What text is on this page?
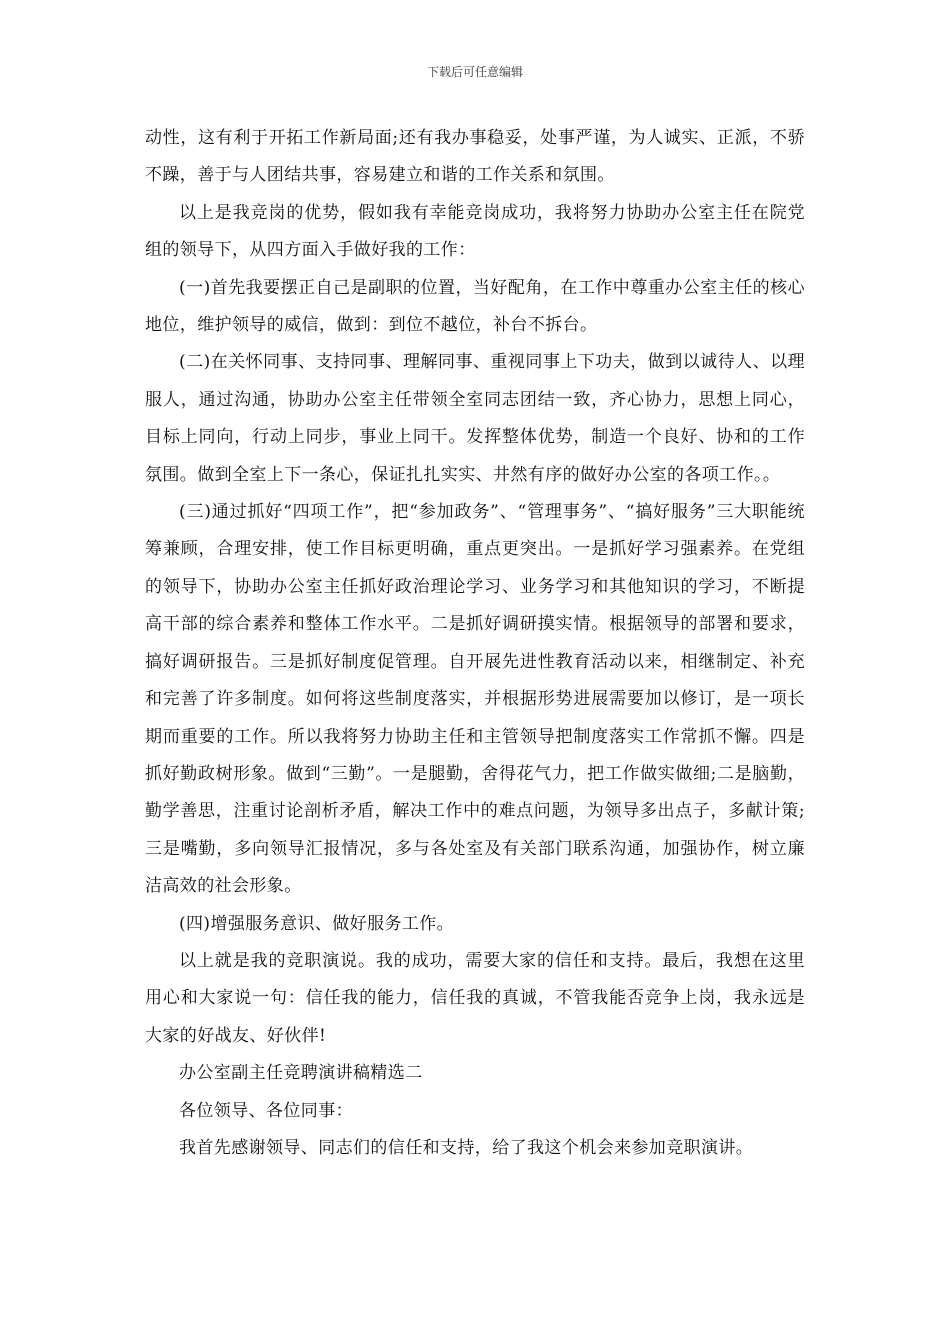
下载后可任意编辑

动性，这有利于开拓工作新局面;还有我办事稳妥，处事严谨，为人诚实、正派，不骄不躁，善于与人团结共事，容易建立和谐的工作关系和氛围。

以上是我竞岗的优势，假如我有幸能竞岗成功，我将努力协助办公室主任在院党组的领导下，从四方面入手做好我的工作：

(一)首先我要摆正自己是副职的位置，当好配角，在工作中尊重办公室主任的核心地位，维护领导的威信，做到：到位不越位，补台不拆台。

(二)在关怀同事、支持同事、理解同事、重视同事上下功夫，做到以诚待人、以理服人，通过沟通，协助办公室主任带领全室同志团结一致，齐心协力，思想上同心，目标上同向，行动上同步，事业上同干。发挥整体优势，制造一个良好、协和的工作氛围。做到全室上下一条心，保证扎扎实实、井然有序的做好办公室的各项工作。。

(三)通过抓好“四项工作”，把“参加政务”、“管理事务”、“搞好服务”三大职能统筹兼顾，合理安排，使工作目标更明确，重点更突出。一是抓好学习强素养。在党组的领导下，协助办公室主任抓好政治理论学习、业务学习和其他知识的学习，不断提高干部的综合素养和整体工作水平。二是抓好调研摸实情。根据领导的部署和要求，搞好调研报告。三是抓好制度促管理。自开展先进性教育活动以来，相继制定、补充和完善了许多制度。如何将这些制度落实，并根据形势进展需要加以修订，是一项长期而重要的工作。所以我将努力协助主任和主管领导把制度落实工作常抓不懈。四是抓好勤政树形象。做到“三勤”。一是腿勤，舍得花气力，把工作做实做细;二是脑勤，勤学善思，注重讨论剖析矛盾，解决工作中的难点问题，为领导多出点子，多献计策;三是嘴勤，多向领导汇报情况，多与各处室及有关部门联系沟通，加强协作，树立廉洁高效的社会形象。

(四)增强服务意识、做好服务工作。

以上就是我的竞职演说。我的成功，需要大家的信任和支持。最后，我想在这里用心和大家说一句：信任我的能力，信任我的真诚，不管我能否竞争上岗，我永远是大家的好战友、好伙伴!

办公室副主任竞聘演讲稿精选二

各位领导、各位同事：

我首先感谢领导、同志们的信任和支持，给了我这个机会来参加竞职演讲。
